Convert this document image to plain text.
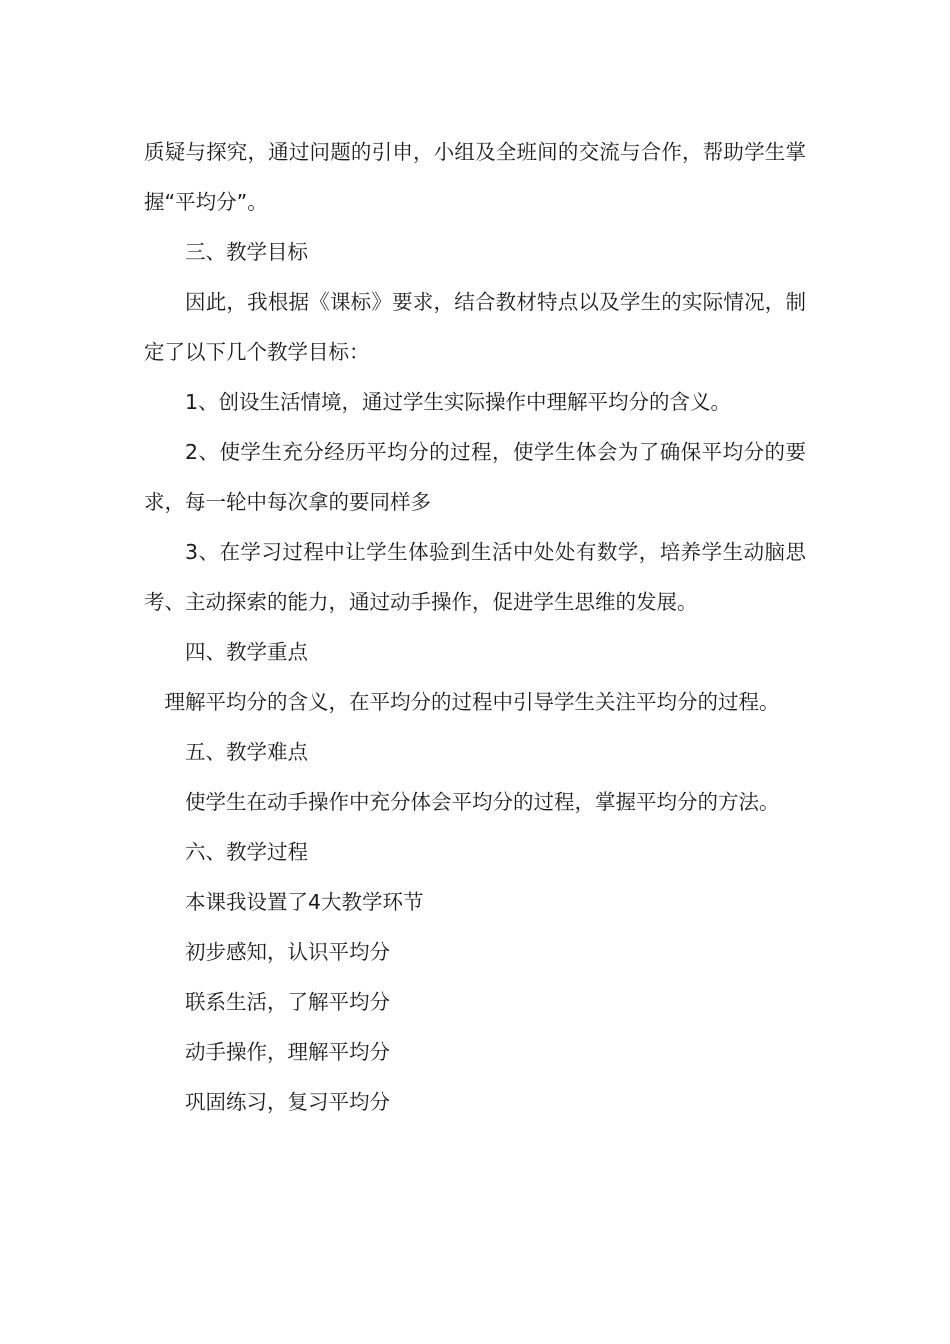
质疑与探究，通过问题的引申，小组及全班间的交流与合作，帮助学生掌握“平均分”。

三、教学目标

因此，我根据《课标》要求，结合教材特点以及学生的实际情况，制定了以下几个教学目标：

1、创设生活情境，通过学生实际操作中理解平均分的含义。

2、使学生充分经历平均分的过程，使学生体会为了确保平均分的要求，每一轮中每次拿的要同样多

3、在学习过程中让学生体验到生活中处处有数学，培养学生动脑思考、主动探索的能力，通过动手操作，促进学生思维的发展。

四、教学重点

理解平均分的含义，在平均分的过程中引导学生关注平均分的过程。

五、教学难点

使学生在动手操作中充分体会平均分的过程，掌握平均分的方法。

六、教学过程

本课我设置了4大教学环节

初步感知，认识平均分

联系生活，了解平均分

动手操作，理解平均分

巩固练习，复习平均分
